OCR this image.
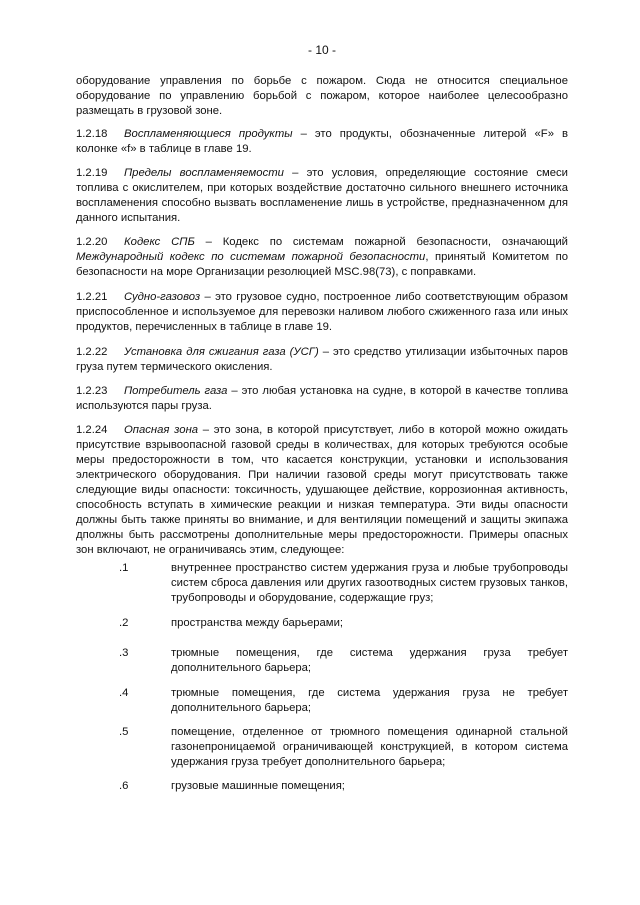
- 10 -

оборудование управления по борьбе с пожаром. Сюда не относится специальное оборудование по управлению борьбой с пожаром, которое наиболее целесообразно размещать в грузовой зоне.

1.2.18 Воспламеняющиеся продукты – это продукты, обозначенные литерой «F» в колонке «f» в таблице в главе 19.

1.2.19 Пределы воспламеняемости – это условия, определяющие состояние смеси топлива с окислителем, при которых воздействие достаточно сильного внешнего источника воспламенения способно вызвать воспламенение лишь в устройстве, предназначенном для данного испытания.

1.2.20 Кодекс СПБ – Кодекс по системам пожарной безопасности, означающий Международный кодекс по системам пожарной безопасности, принятый Комитетом по безопасности на море Организации резолюцией MSC.98(73), с поправками.

1.2.21 Судно-газовоз – это грузовое судно, построенное либо соответствующим образом приспособленное и используемое для перевозки наливом любого сжиженного газа или иных продуктов, перечисленных в таблице в главе 19.

1.2.22 Установка для сжигания газа (УСГ) – это средство утилизации избыточных паров груза путем термического окисления.

1.2.23 Потребитель газа – это любая установка на судне, в которой в качестве топлива используются пары груза.

1.2.24 Опасная зона – это зона, в которой присутствует, либо в которой можно ожидать присутствие взрывоопасной газовой среды в количествах, для которых требуются особые меры предосторожности в том, что касается конструкции, установки и использования электрического оборудования. При наличии газовой среды могут присутствовать также следующие виды опасности: токсичность, удушающее действие, коррозионная активность, способность вступать в химические реакции и низкая температура. Эти виды опасности должны быть также приняты во внимание, и для вентиляции помещений и защиты экипажа дполжны быть рассмотрены дополнительные меры предосторожности. Примеры опасных зон включают, не ограничиваясь этим, следующее:

.1	внутреннее пространство систем удержания груза и любые трубопроводы систем сброса давления или других газоотводных систем грузовых танков, трубопроводы и оборудование, содержащие груз;
.2	пространства между барьерами;
.3	трюмные помещения, где система удержания груза требует дополнительного барьера;
.4	трюмные помещения, где система удержания груза не требует дополнительного барьера;
.5	помещение, отделенное от трюмного помещения одинарной стальной газонепроницаемой ограничивающей конструкцией, в котором система удержания груза требует дополнительного барьера;
.6	грузовые машинные помещения;
